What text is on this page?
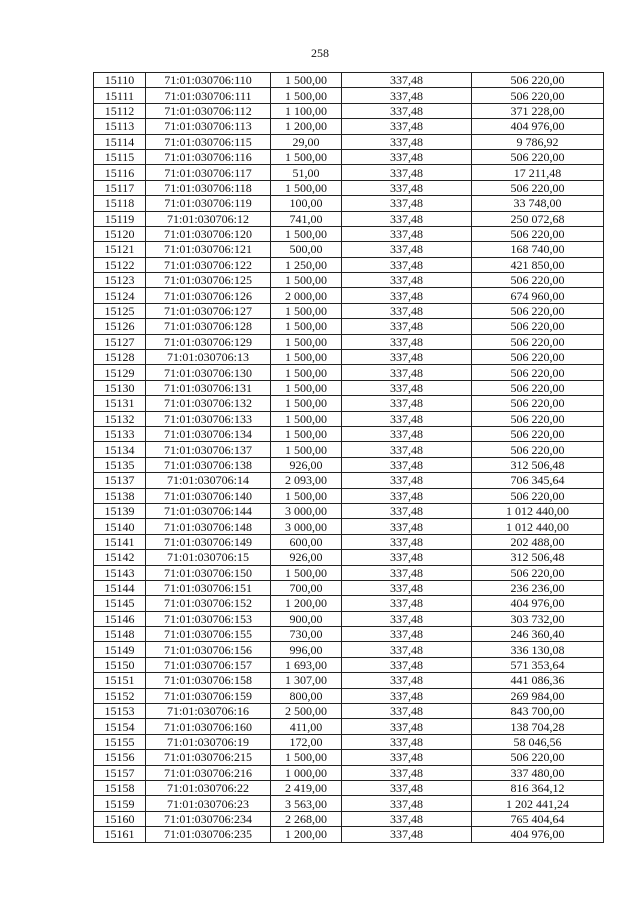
258
15110	71:01:030706:110	1 500,00	337,48	506 220,00
15111	71:01:030706:111	1 500,00	337,48	506 220,00
15112	71:01:030706:112	1 100,00	337,48	371 228,00
15113	71:01:030706:113	1 200,00	337,48	404 976,00
15114	71:01:030706:115	29,00	337,48	9 786,92
15115	71:01:030706:116	1 500,00	337,48	506 220,00
15116	71:01:030706:117	51,00	337,48	17 211,48
15117	71:01:030706:118	1 500,00	337,48	506 220,00
15118	71:01:030706:119	100,00	337,48	33 748,00
15119	71:01:030706:12	741,00	337,48	250 072,68
15120	71:01:030706:120	1 500,00	337,48	506 220,00
15121	71:01:030706:121	500,00	337,48	168 740,00
15122	71:01:030706:122	1 250,00	337,48	421 850,00
15123	71:01:030706:125	1 500,00	337,48	506 220,00
15124	71:01:030706:126	2 000,00	337,48	674 960,00
15125	71:01:030706:127	1 500,00	337,48	506 220,00
15126	71:01:030706:128	1 500,00	337,48	506 220,00
15127	71:01:030706:129	1 500,00	337,48	506 220,00
15128	71:01:030706:13	1 500,00	337,48	506 220,00
15129	71:01:030706:130	1 500,00	337,48	506 220,00
15130	71:01:030706:131	1 500,00	337,48	506 220,00
15131	71:01:030706:132	1 500,00	337,48	506 220,00
15132	71:01:030706:133	1 500,00	337,48	506 220,00
15133	71:01:030706:134	1 500,00	337,48	506 220,00
15134	71:01:030706:137	1 500,00	337,48	506 220,00
15135	71:01:030706:138	926,00	337,48	312 506,48
15137	71:01:030706:14	2 093,00	337,48	706 345,64
15138	71:01:030706:140	1 500,00	337,48	506 220,00
15139	71:01:030706:144	3 000,00	337,48	1 012 440,00
15140	71:01:030706:148	3 000,00	337,48	1 012 440,00
15141	71:01:030706:149	600,00	337,48	202 488,00
15142	71:01:030706:15	926,00	337,48	312 506,48
15143	71:01:030706:150	1 500,00	337,48	506 220,00
15144	71:01:030706:151	700,00	337,48	236 236,00
15145	71:01:030706:152	1 200,00	337,48	404 976,00
15146	71:01:030706:153	900,00	337,48	303 732,00
15148	71:01:030706:155	730,00	337,48	246 360,40
15149	71:01:030706:156	996,00	337,48	336 130,08
15150	71:01:030706:157	1 693,00	337,48	571 353,64
15151	71:01:030706:158	1 307,00	337,48	441 086,36
15152	71:01:030706:159	800,00	337,48	269 984,00
15153	71:01:030706:16	2 500,00	337,48	843 700,00
15154	71:01:030706:160	411,00	337,48	138 704,28
15155	71:01:030706:19	172,00	337,48	58 046,56
15156	71:01:030706:215	1 500,00	337,48	506 220,00
15157	71:01:030706:216	1 000,00	337,48	337 480,00
15158	71:01:030706:22	2 419,00	337,48	816 364,12
15159	71:01:030706:23	3 563,00	337,48	1 202 441,24
15160	71:01:030706:234	2 268,00	337,48	765 404,64
15161	71:01:030706:235	1 200,00	337,48	404 976,00
